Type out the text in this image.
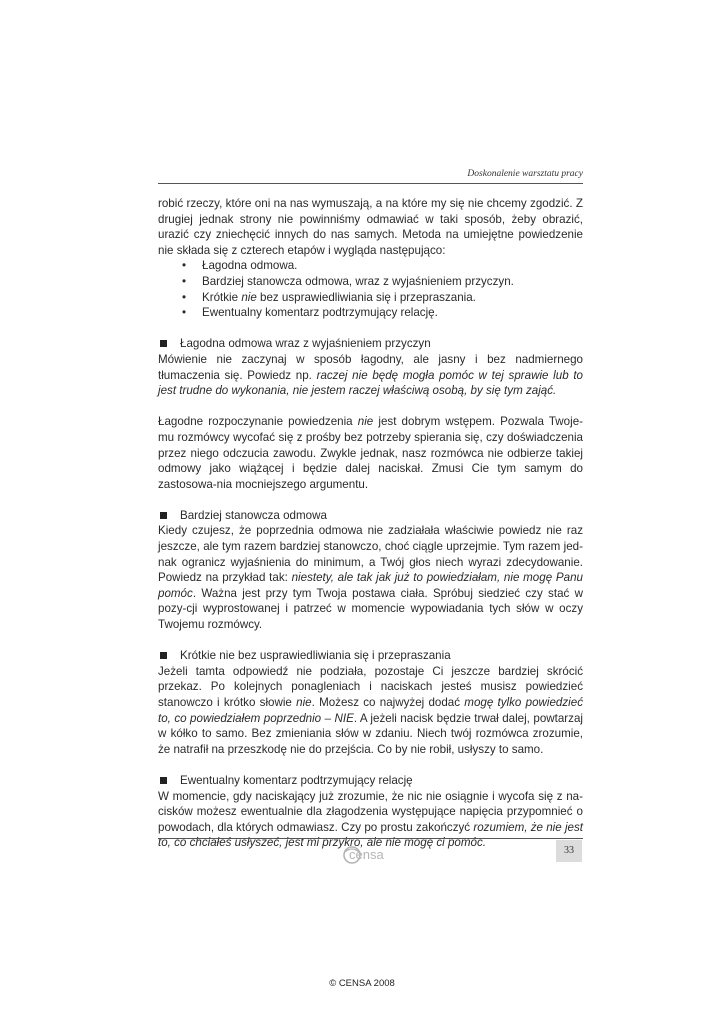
Doskonalenie warsztatu pracy

robić rzeczy, które oni na nas wymuszają, a na które my się nie chcemy zgodzić. Z drugiej jednak strony nie powinniśmy odmawiać w taki sposób, żeby obrazić, urazić czy zniechęcić innych do nas samych. Metoda na umiejętne powiedzenie nie składa się z czterech etapów i wygląda następująco:

• Łagodna odmowa.
• Bardziej stanowcza odmowa, wraz z wyjaśnieniem przyczyn.
• Krótkie nie bez usprawiedliwiania się i przepraszania.
• Ewentualny komentarz podtrzymujący relację.
Łagodna odmowa wraz z wyjaśnieniem przyczyn

Mówienie nie zaczynaj w sposób łagodny, ale jasny i bez nadmiernego tłumaczenia się. Powiedz np. raczej nie będę mogła pomóc w tej sprawie lub to jest trudne do wykonania, nie jestem raczej właściwą osobą, by się tym zająć.

Łagodne rozpoczynanie powiedzenia nie jest dobrym wstępem. Pozwala Twoje-mu rozmówcy wycofać się z prośby bez potrzeby spierania się, czy doświadczenia przez niego odczucia zawodu. Zwykle jednak, nasz rozmówca nie odbierze takiej odmowy jako wiążącej i będzie dalej naciskał. Zmusi Cie tym samym do zastosowa-nia mocniejszego argumentu.

Bardziej stanowcza odmowa

Kiedy czujesz, że poprzednia odmowa nie zadziałała właściwie powiedz nie raz jeszcze, ale tym razem bardziej stanowczo, choć ciągle uprzejmie. Tym razem jed-nak ogranicz wyjaśnienia do minimum, a Twój głos niech wyrazi zdecydowanie. Powiedz na przykład tak: niestety, ale tak jak już to powiedziałam, nie mogę Panu pomóc. Ważna jest przy tym Twoja postawa ciała. Spróbuj siedzieć czy stać w pozy-cji wyprostowanej i patrzeć w momencie wypowiadania tych słów w oczy Twojemu rozmówcy.

Krótkie nie bez usprawiedliwiania się i przepraszania

Jeżeli tamta odpowiedź nie podziała, pozostaje Ci jeszcze bardziej skrócić przekaz. Po kolejnych ponagleniach i naciskach jesteś musisz powiedzieć stanowczo i krótko słowie nie. Możesz co najwyżej dodać mogę tylko powiedzieć to, co powiedziałem poprzednio – NIE. A jeżeli nacisk będzie trwał dalej, powtarzaj w kółko to samo. Bez zmieniania słów w zdaniu. Niech twój rozmówca zrozumie, że natrafił na przeszkodę nie do przejścia. Co by nie robił, usłyszy to samo.

Ewentualny komentarz podtrzymujący relację

W momencie, gdy naciskający już zrozumie, że nic nie osiągnie i wycofa się z na-cisków możesz ewentualnie dla złagodzenia występujące napięcia przypomnieć o powodach, dla których odmawiasz. Czy po prostu zakończyć rozumiem, że nie jest to, co chciałeś usłyszeć, jest mi przykro, ale nie mogę ci pomóc.

censa	33
© CENSA 2008
